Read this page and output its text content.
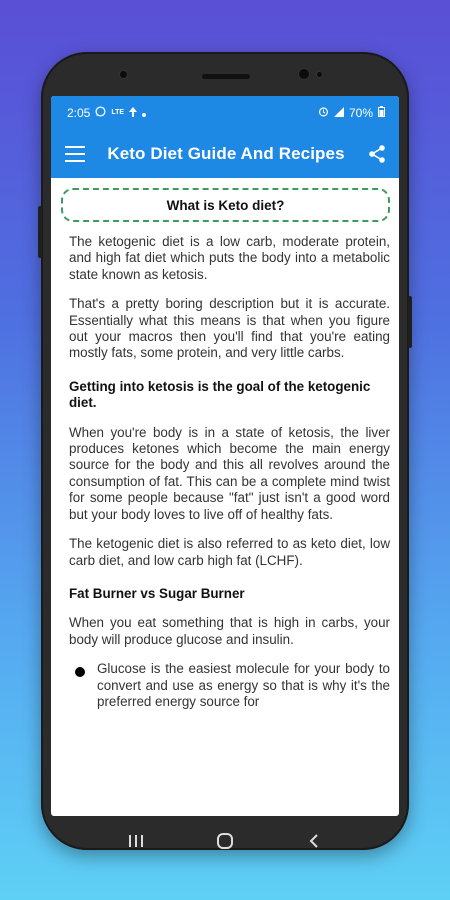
2:05	LTE	70%
Keto Diet Guide And Recipes
What is Keto diet?

The ketogenic diet is a low carb, moderate protein, and high fat diet which puts the body into a metabolic state known as ketosis.

That's a pretty boring description but it is accurate. Essentially what this means is that when you figure out your macros then you'll find that you're eating mostly fats, some protein, and very little carbs.

Getting into ketosis is the goal of the ketogenic diet.

When you're body is in a state of ketosis, the liver produces ketones which become the main energy source for the body and this all revolves around the consumption of fat. This can be a complete mind twist for some people because "fat" just isn't a good word but your body loves to live off of healthy fats.

The ketogenic diet is also referred to as keto diet, low carb diet, and low carb high fat (LCHF).

Fat Burner vs Sugar Burner

When you eat something that is high in carbs, your body will produce glucose and insulin.

Glucose is the easiest molecule for your body to convert and use as energy so that is why it's the preferred energy source for
